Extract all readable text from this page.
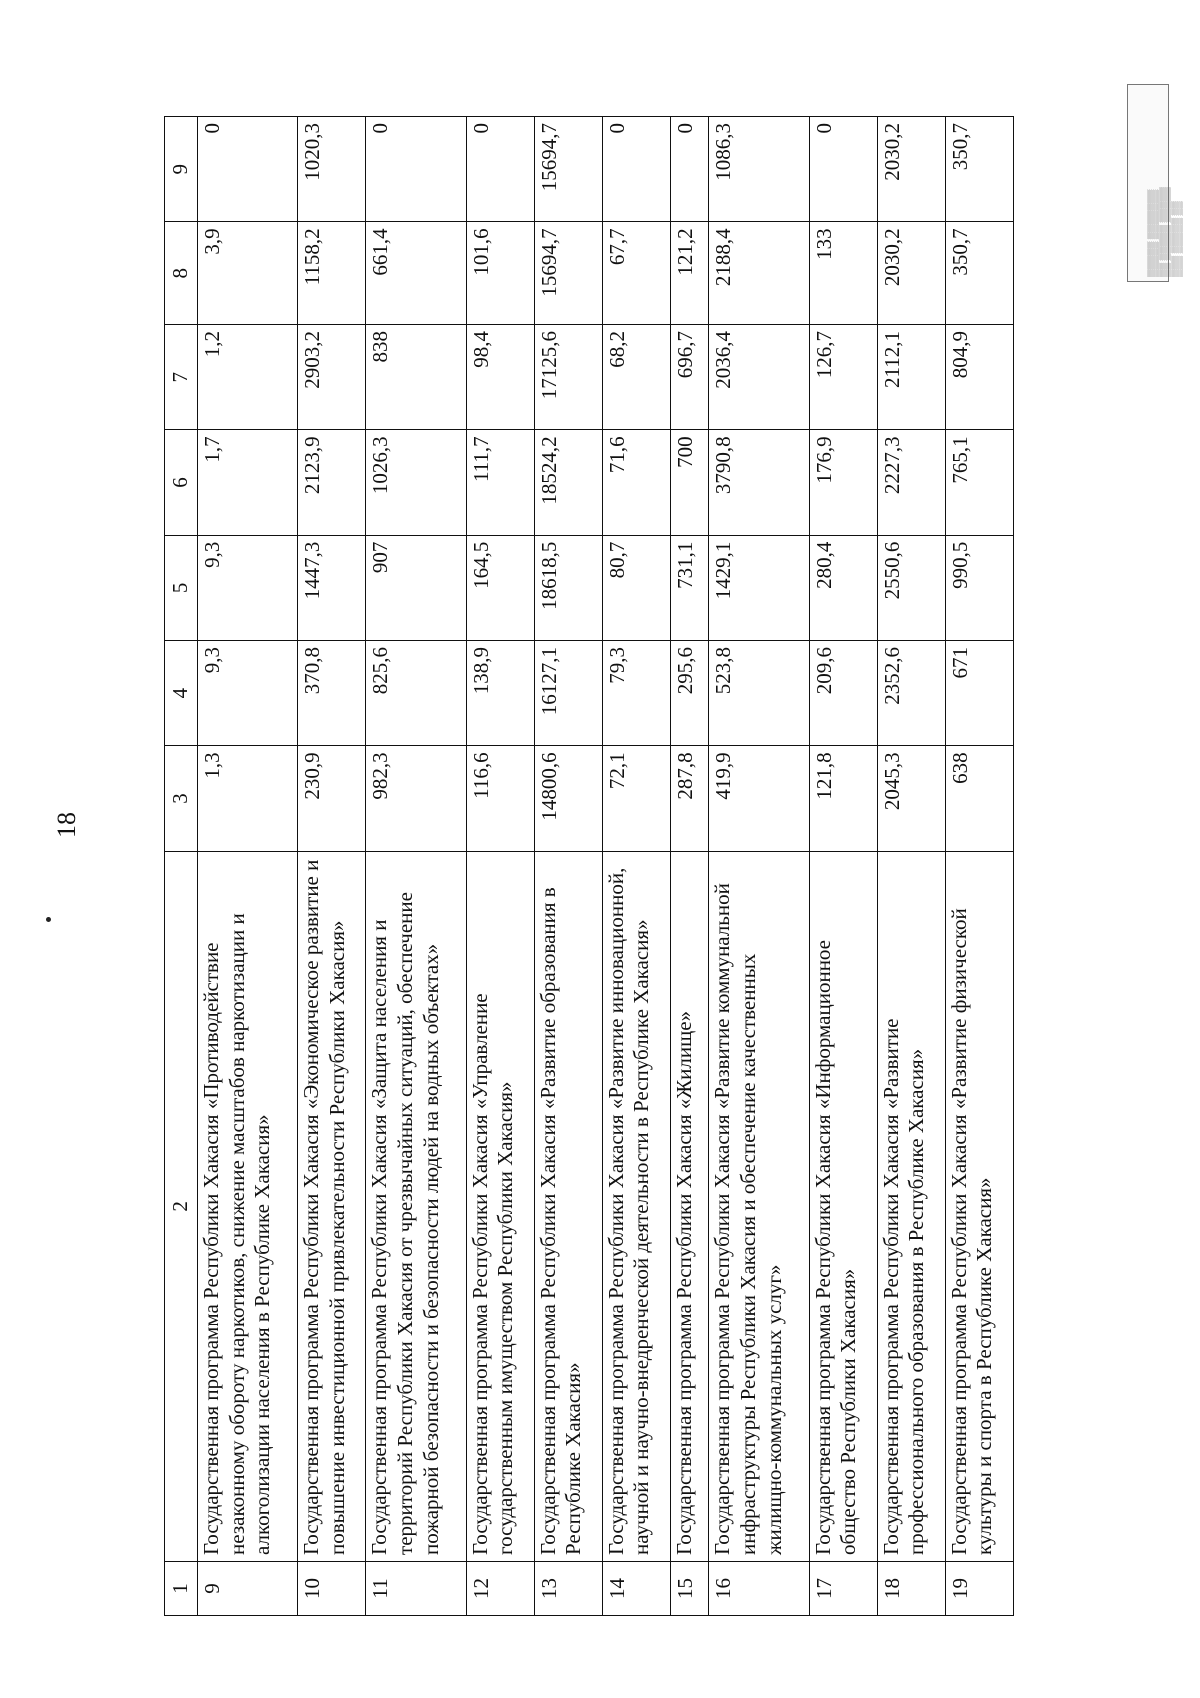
18
1	2	3	4	5	6	7	8	9
9	Государственная программа Республики Хакасия «Противодействие незаконному обороту наркотиков, снижение масштабов наркотизации и алкоголизации населения в Республике Хакасия»	1,3	9,3	9,3	1,7	1,2	3,9	0
10	Государственная программа Республики Хакасия «Экономическое развитие и повышение инвестиционной привлекательности Республики Хакасия»	230,9	370,8	1447,3	2123,9	2903,2	1158,2	1020,3
11	Государственная программа Республики Хакасия «Защита населения и территорий Республики Хакасия от чрезвычайных ситуаций, обеспечение пожарной безопасности и безопасности людей на водных объектах»	982,3	825,6	907	1026,3	838	661,4	0
12	Государственная программа Республики Хакасия «Управление государственным имуществом Республики Хакасия»	116,6	138,9	164,5	111,7	98,4	101,6	0
13	Государственная программа Республики Хакасия «Развитие образования в Республике Хакасия»	14800,6	16127,1	18618,5	18524,2	17125,6	15694,7	15694,7
14	Государственная программа Республики Хакасия «Развитие инновационной, научной и научно-внедренческой деятельности в Республике Хакасия»	72,1	79,3	80,7	71,6	68,2	67,7	0
15	Государственная программа Республики Хакасия «Жилище»	287,8	295,6	731,1	700	696,7	121,2	0
16	Государственная программа Республики Хакасия «Развитие коммунальной инфраструктуры Республики Хакасия и обеспечение качественных жилищно-коммунальных услуг»	419,9	523,8	1429,1	3790,8	2036,4	2188,4	1086,3
17	Государственная программа Республики Хакасия «Информационное общество Республики Хакасия»	121,8	209,6	280,4	176,9	126,7	133	0
18	Государственная программа Республики Хакасия «Развитие профессионального образования в Республике Хакасия»	2045,3	2352,6	2550,6	2227,3	2112,1	2030,2	2030,2
19	Государственная программа Республики Хакасия «Развитие физической культуры и спорта в Республике Хакасия»	638	671	990,5	765,1	804,9	350,7	350,7
▒▒▒▒▒ ▒▒▒▒▒▒▒ ▒▒ ▒▒▒▒▒ ▒▒▒▒▒ ▒▒▒ ▒▒▒▒▒ ▒▒
